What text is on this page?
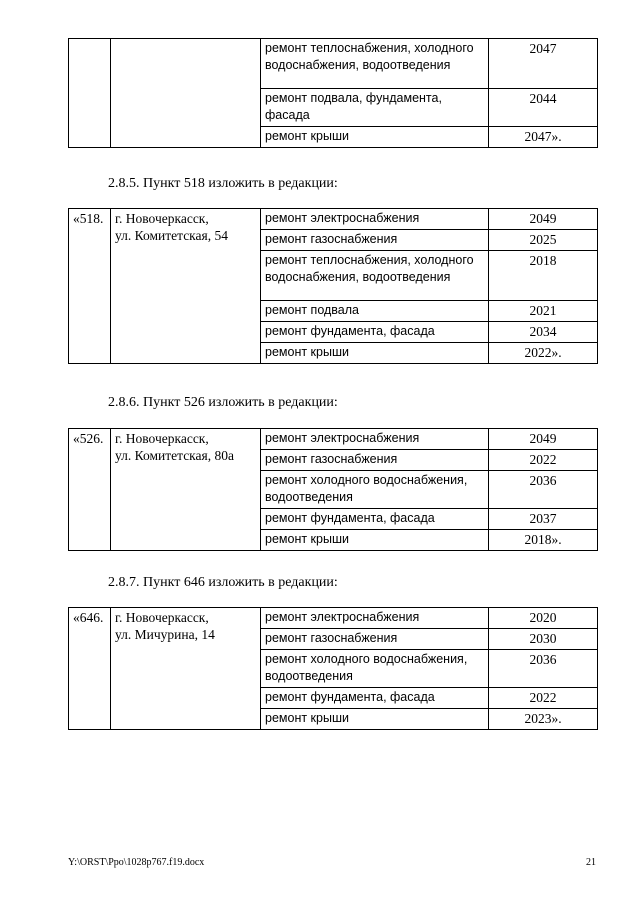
		ремонт теплоснабжения, холодного водоснабжения, водоотведения	2047
		ремонт подвала, фундамента, фасада	2044
		ремонт крыши	2047».
2.8.5. Пункт 518 изложить в редакции:
«518.	г. Новочеркасск,
ул. Комитетская, 54	ремонт электроснабжения	2049
		ремонт газоснабжения	2025
		ремонт теплоснабжения, холодного водоснабжения, водоотведения	2018
		ремонт подвала	2021
		ремонт фундамента, фасада	2034
		ремонт крыши	2022».
2.8.6. Пункт 526 изложить в редакции:
«526.	г. Новочеркасск,
ул. Комитетская, 80а	ремонт электроснабжения	2049
		ремонт газоснабжения	2022
		ремонт холодного водоснабжения, водоотведения	2036
		ремонт фундамента, фасада	2037
		ремонт крыши	2018».
2.8.7. Пункт 646 изложить в редакции:
«646.	г. Новочеркасск,
ул. Мичурина, 14	ремонт электроснабжения	2020
		ремонт газоснабжения	2030
		ремонт холодного водоснабжения, водоотведения	2036
		ремонт фундамента, фасада	2022
		ремонт крыши	2023».
Y:\ORST\Ppo\1028p767.f19.docx	21
